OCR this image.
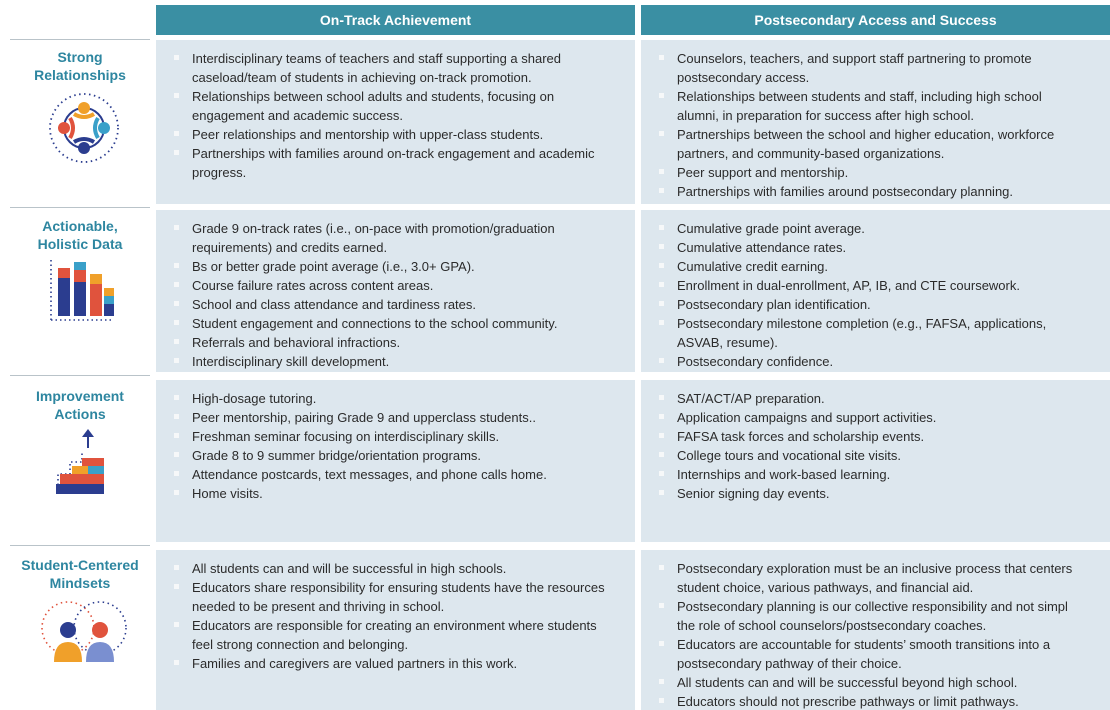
On-Track Achievement	Postsecondary Access and Success
Strong
Relationships
Interdisciplinary teams of teachers and staff supporting a shared caseload/team of students in achieving on-track promotion.
Relationships between school adults and students, focusing on engagement and academic success.
Peer relationships and mentorship with upper-class students.
Partnerships with families around on-track engagement and academic progress.
Counselors, teachers, and support staff partnering to promote
postsecondary access.
Relationships between students and staff, including high school
alumni, in preparation for success after high school.
Partnerships between the school and higher education, workforce
partners, and community-based organizations.
Peer support and mentorship.
Partnerships with families around postsecondary planning.
Actionable,
Holistic Data
Grade 9 on-track rates (i.e., on-pace with promotion/graduation requirements) and credits earned.
Bs or better grade point average (i.e., 3.0+ GPA).
Course failure rates across content areas.
School and class attendance and tardiness rates.
Student engagement and connections to the school community.
Referrals and behavioral infractions.
Interdisciplinary skill development.
Cumulative grade point average.
Cumulative attendance rates.
Cumulative credit earning.
Enrollment in dual-enrollment, AP, IB, and CTE coursework.
Postsecondary plan identification.
Postsecondary milestone completion (e.g., FAFSA, applications,
ASVAB, resume).
Postsecondary confidence.
Improvement
Actions
High-dosage tutoring.
Peer mentorship, pairing Grade 9 and upperclass students..
Freshman seminar focusing on interdisciplinary skills.
Grade 8 to 9 summer bridge/orientation programs.
Attendance postcards, text messages, and phone calls home.
Home visits.
SAT/ACT/AP preparation.
Application campaigns and support activities.
FAFSA task forces and scholarship events.
College tours and vocational site visits.
Internships and work-based learning.
Senior signing day events.
Student-Centered
Mindsets
All students can and will be successful in high schools.
Educators share responsibility for ensuring students have the resources needed to be present and thriving in school.
Educators are responsible for creating an environment where students feel strong connection and belonging.
Families and caregivers are valued partners in this work.
Postsecondary exploration must be an inclusive process that centers
student choice, various pathways, and financial aid.
Postsecondary planning is our collective responsibility and not simpl
the role of school counselors/postsecondary coaches.
Educators are accountable for students’ smooth transitions into a
postsecondary pathway of their choice.
All students can and will be successful beyond high school.
Educators should not prescribe pathways or limit pathways.
